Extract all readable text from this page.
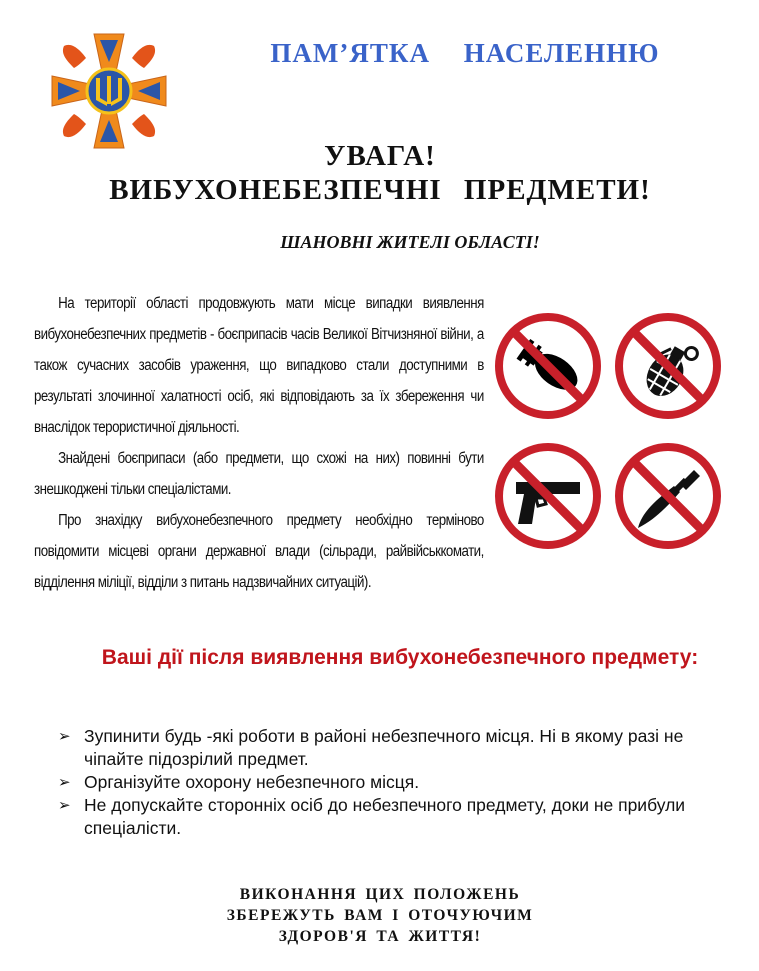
ПАМ’ЯТКА НАСЕЛЕННЮ
УВАГА!
ВИБУХОНЕБЕЗПЕЧНІ ПРЕДМЕТИ!
ШАНОВНІ ЖИТЕЛІ ОБЛАСТІ!

На території області продовжують мати місце випадки виявлення вибухонебезпечних предметів - боєприпасів часів Великої Вітчизняної війни, а також сучасних засобів ураження, що випадково стали доступними в результаті злочинної халатності осіб, які відповідають за їх збереження чи внаслідок терористичної діяльності.

Знайдені боєприпаси (або предмети, що схожі на них) повинні бути знешкоджені тільки спеціалістами.

Про знахідку вибухонебезпечного предмету необхідно терміново повідомити місцеві органи державної влади (сільради, райвійськкомати, відділення міліції, відділи з питань надзвичайних ситуацій).

Ваші дії після виявлення вибухонебезпечного предмету:
➢ Зупинити будь -які роботи в районі небезпечного місця. Ні в якому разі не чіпайте підозрілий предмет.
➢ Організуйте охорону небезпечного місця.
➢ Не допускайте сторонніх осіб до небезпечного предмету, доки не прибули спеціалісти.
ВИКОНАННЯ ЦИХ ПОЛОЖЕНЬ
ЗБЕРЕЖУТЬ ВАМ І ОТОЧУЮЧИМ
ЗДОРОВ'Я ТА ЖИТТЯ!
